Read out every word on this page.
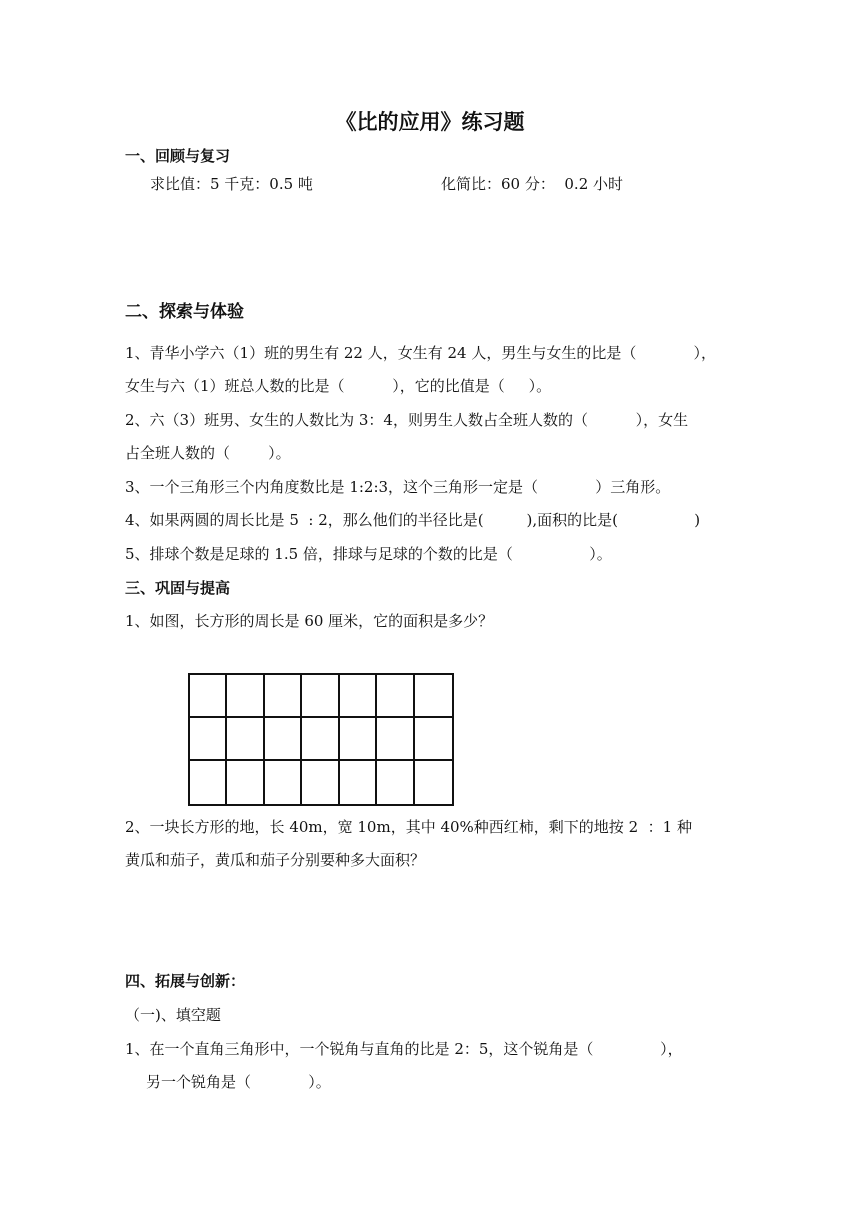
《比的应用》练习题
一、回顾与复习
求比值：5 千克：0.5 吨	化简比：60 分：  0.2 小时
二、探索与体验
1、青华小学六（1）班的男生有 22 人，女生有 24 人，男生与女生的比是（            ），
女生与六（1）班总人数的比是（          ），它的比值是（     ）。
2、六（3）班男、女生的人数比为 3：4，则男生人数占全班人数的（          ），女生
占全班人数的（        ）。
3、一个三角形三个内角度数比是 1:2:3，这个三角形一定是（            ）三角形。
4、如果两圆的周长比是 5  : 2，那么他们的半径比是(         ),面积的比是(                )
5、排球个数是足球的 1.5 倍，排球与足球的个数的比是（                ）。
三、巩固与提高
1、如图，长方形的周长是 60 厘米，它的面积是多少？
2、一块长方形的地，长 40m，宽 10m，其中 40%种西红柿，剩下的地按 2  ：1 种
黄瓜和茄子，黄瓜和茄子分别要种多大面积？
四、拓展与创新：
（一)、填空题
1、在一个直角三角形中，一个锐角与直角的比是 2：5，这个锐角是（              ），
另一个锐角是（            ）。
